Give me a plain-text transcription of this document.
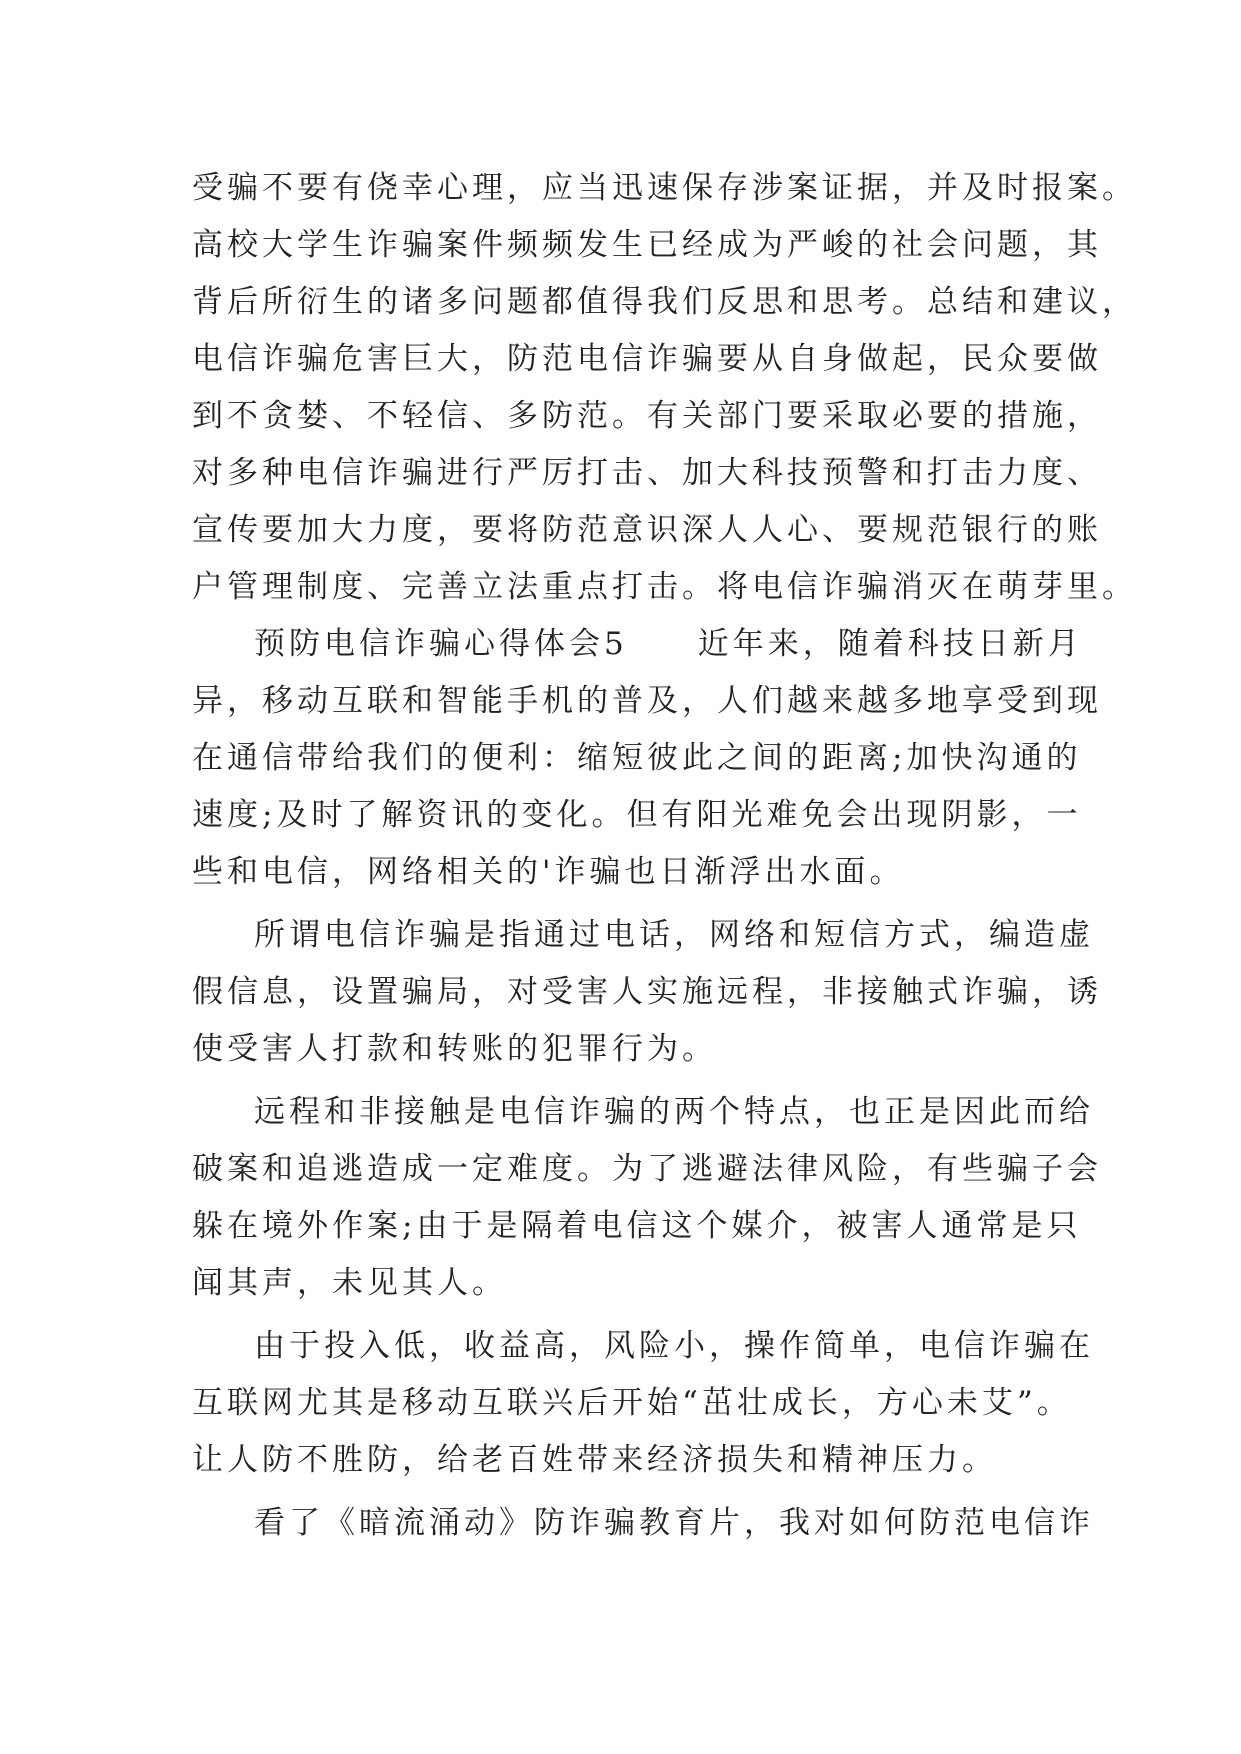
受骗不要有侥幸心理，应当迅速保存涉案证据，并及时报案。
高校大学生诈骗案件频频发生已经成为严峻的社会问题，其
背后所衍生的诸多问题都值得我们反思和思考。总结和建议，
电信诈骗危害巨大，防范电信诈骗要从自身做起，民众要做
到不贪婪、不轻信、多防范。有关部门要采取必要的措施，
对多种电信诈骗进行严厉打击、加大科技预警和打击力度、
宣传要加大力度，要将防范意识深人人心、要规范银行的账
户管理制度、完善立法重点打击。将电信诈骗消灭在萌芽里。
预防电信诈骗心得体会5　　近年来，随着科技日新月
异，移动互联和智能手机的普及，人们越来越多地享受到现
在通信带给我们的便利：缩短彼此之间的距离;加快沟通的
速度;及时了解资讯的变化。但有阳光难免会出现阴影，一
些和电信，网络相关的'诈骗也日渐浮出水面。
所谓电信诈骗是指通过电话，网络和短信方式，编造虚
假信息，设置骗局，对受害人实施远程，非接触式诈骗，诱
使受害人打款和转账的犯罪行为。
远程和非接触是电信诈骗的两个特点，也正是因此而给
破案和追逃造成一定难度。为了逃避法律风险，有些骗子会
躲在境外作案;由于是隔着电信这个媒介，被害人通常是只
闻其声，未见其人。
由于投入低，收益高，风险小，操作简单，电信诈骗在
互联网尤其是移动互联兴后开始“茁壮成长，方心未艾”。
让人防不胜防，给老百姓带来经济损失和精神压力。
看了《暗流涌动》防诈骗教育片，我对如何防范电信诈
